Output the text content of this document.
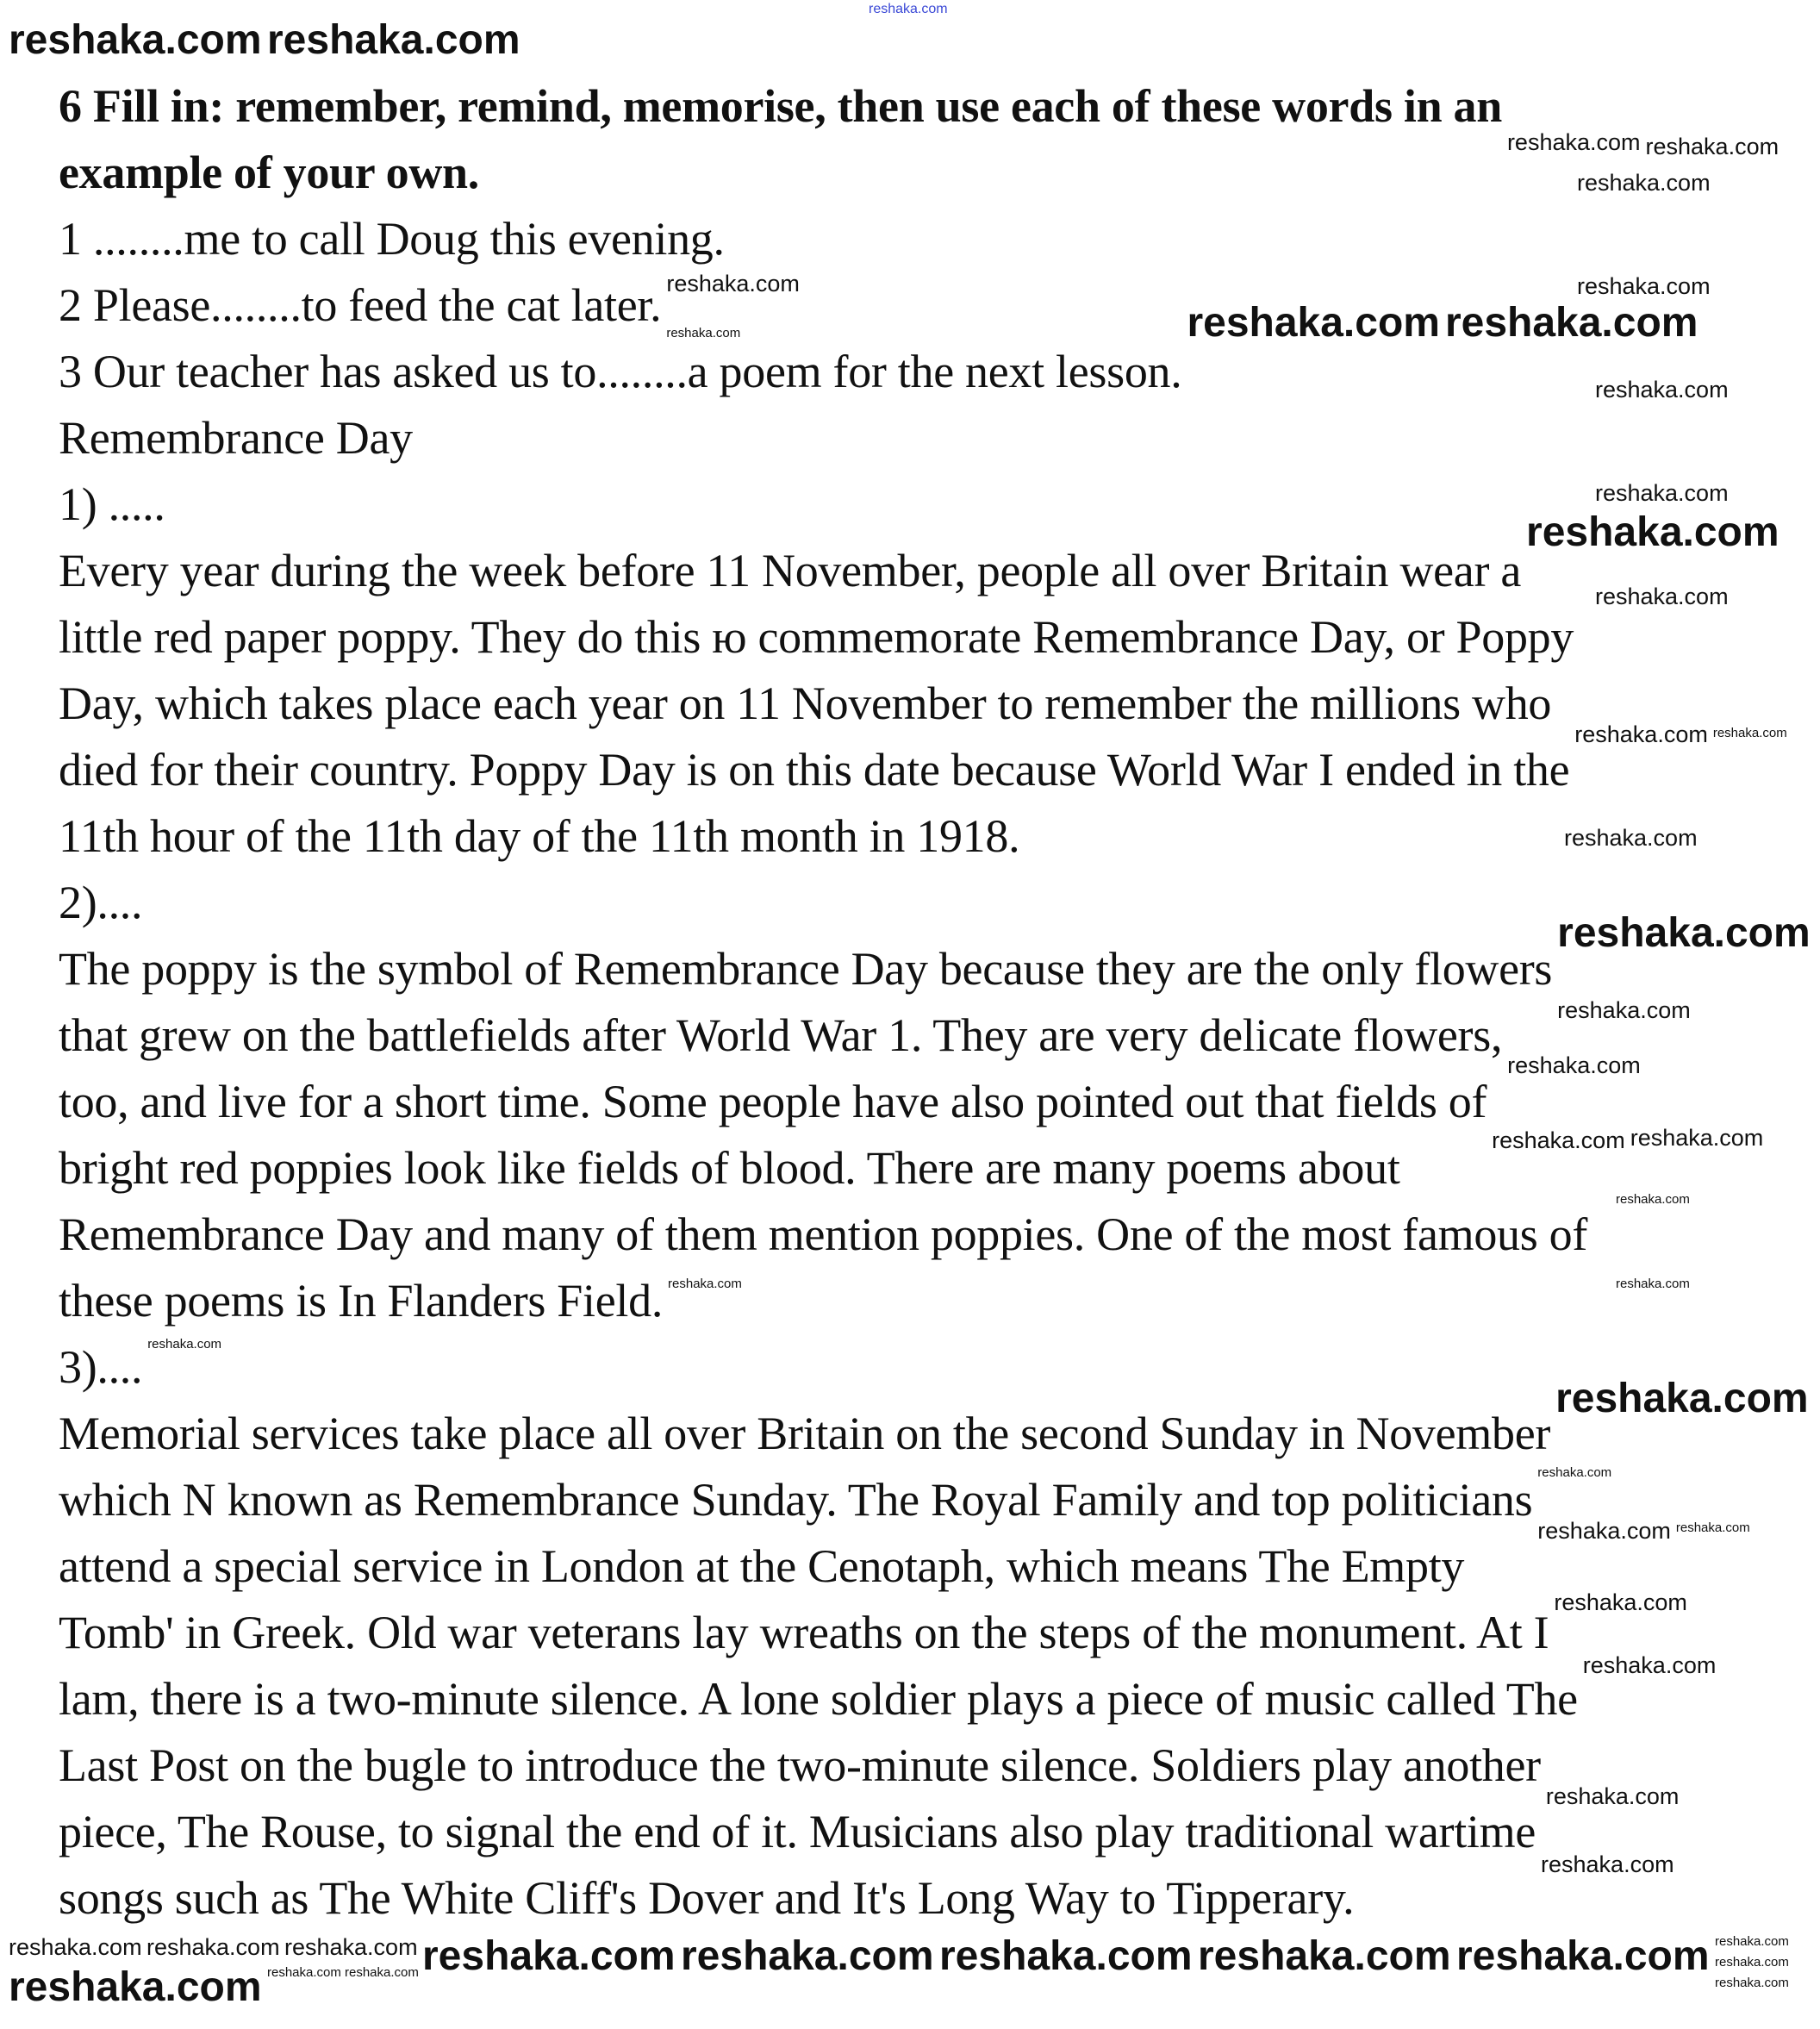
reshaka.com
6 Fill in: remember, remind, memorise, then use each of these words in an
example of your own.
1 ........me to call Doug this evening.
2 Please........to feed the cat later.
3 Our teacher has asked us to........a poem for the next lesson.
Remembrance Day
1) .....
Every year during the week before 11 November, people all over Britain wear a
little red paper poppy. They do this ю commemorate Remembrance Day, or Poppy
Day, which takes place each year on 11 November to remember the millions who
died for their country. Poppy Day is on this date because World War I ended in the
11th hour of the 11th day of the 11th month in 1918.
2)....
The poppy is the symbol of Remembrance Day because they are the only flowers
that grew on the battlefields after World War 1. They are very delicate flowers,
too, and live for a short time. Some people have also pointed out that fields of
bright red poppies look like fields of blood. There are many poems about
Remembrance Day and many of them mention poppies. One of the most famous of
these poems is In Flanders Field.
3)....
Memorial services take place all over Britain on the second Sunday in November
which N known as Remembrance Sunday. The Royal Family and top politicians
attend a special service in London at the Cenotaph, which means The Empty
Tomb' in Greek. Old war veterans lay wreaths on the steps of the monument. At I
lam, there is a two-minute silence. A lone soldier plays a piece of music called The
Last Post on the bugle to introduce the two-minute silence. Soldiers play another
piece, The Rouse, to signal the end of it. Musicians also play traditional wartime
songs such as The White Cliff's Dover and It's Long Way to Tipperary.
reshaka.com reshaka.com
reshaka.com
reshaka.com	reshaka.com
reshaka.com
reshaka.com
reshaka.com
reshaka.com
reshaka.com
reshaka.com
reshaka.com
reshaka.com
reshaka.com reshaka.com
reshaka.com
reshaka.com
reshaka.com
reshaka.com
reshaka.com
reshaka.com
reshaka.com
reshaka.com reshaka.com
reshaka.com
reshaka.com reshaka.com
reshaka.com
reshaka.com reshaka.com reshaka.com
reshaka.com
reshaka.com reshaka.com
reshaka.com
reshaka.com
reshaka.com reshaka.com
reshaka.com
reshaka.com
reshaka.com
reshaka.com reshaka.com
reshaka.com
reshaka.com
reshaka.com
reshaka.com
reshaka.com
